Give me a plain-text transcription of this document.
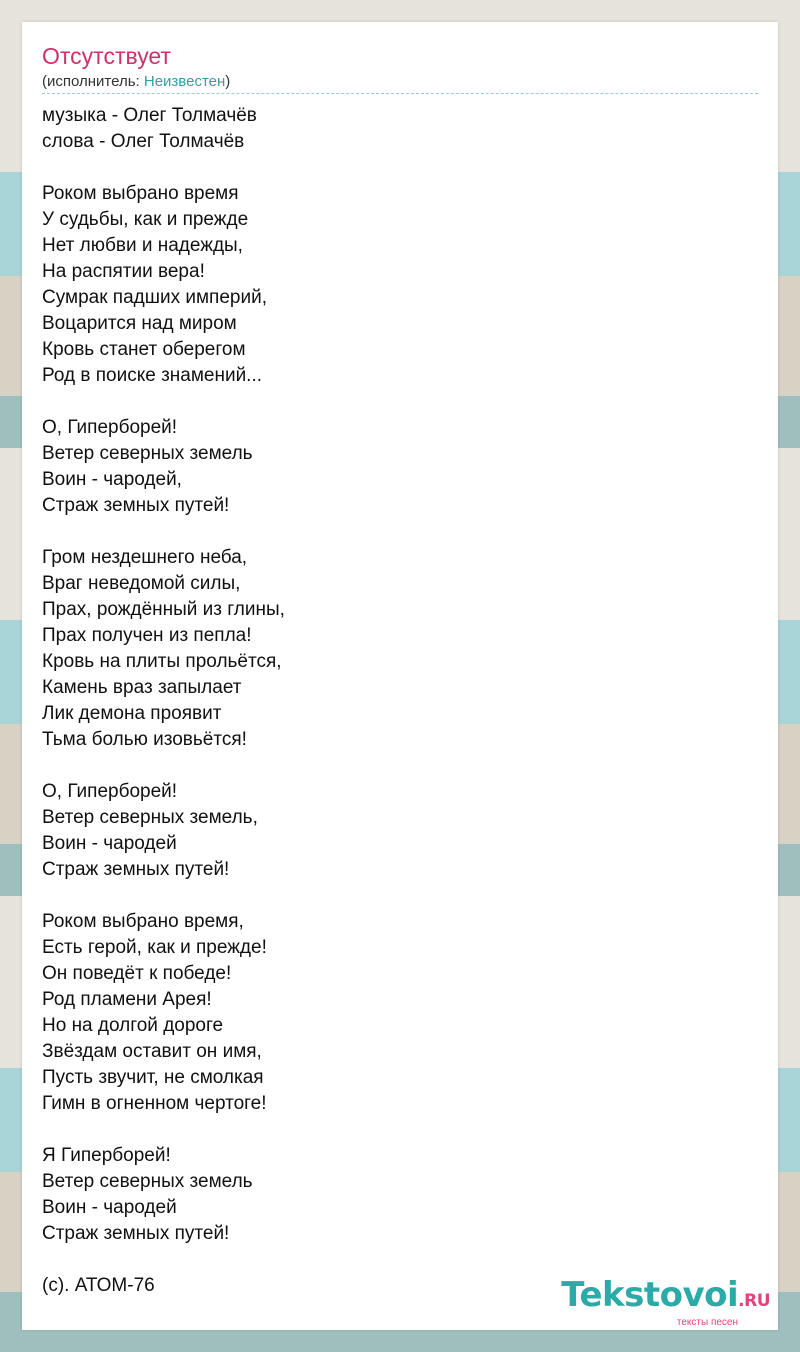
Отсутствует
(исполнитель: Неизвестен)
музыка - Олег Толмачёв
слова - Олег Толмачёв
Роком выбрано время
У судьбы, как и прежде
Нет любви и надежды,
На распятии вера!
Сумрак падших империй,
Воцарится над миром
Кровь станет оберегом
Род в поиске знамений...
О, Гиперборей!
Ветер северных земель
Воин - чародей,
Страж земных путей!
Гром нездешнего неба,
Враг неведомой силы,
Прах, рождённый из глины,
Прах получен из пепла!
Кровь на плиты прольётся,
Камень враз запылает
Лик демона проявит
Тьма болью изовьётся!
О, Гиперборей!
Ветер северных земель,
Воин - чародей
Страж земных путей!
Роком выбрано время,
Есть герой, как и прежде!
Он поведёт к победе!
Род пламени Арея!
Но на долгой дороге
Звёздам оставит он имя,
Пусть звучит, не смолкая
Гимн в огненном чертоге!
Я Гиперборей!
Ветер северных земель
Воин - чародей
Страж земных путей!
(с). АТОМ-76	Tekstovoi.RU
тексты песен
